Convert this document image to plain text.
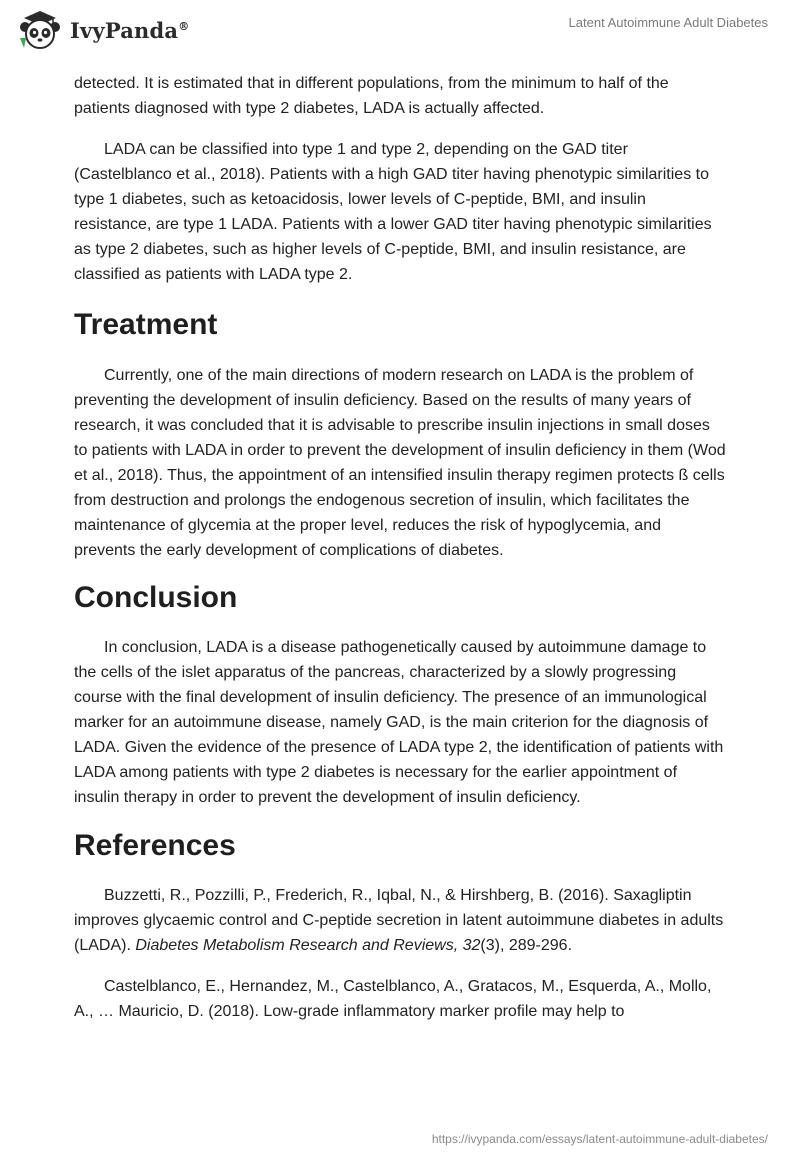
IvyPanda®	Latent Autoimmune Adult Diabetes

detected. It is estimated that in different populations, from the minimum to half of the patients diagnosed with type 2 diabetes, LADA is actually affected.

LADA can be classified into type 1 and type 2, depending on the GAD titer (Castelblanco et al., 2018). Patients with a high GAD titer having phenotypic similarities to type 1 diabetes, such as ketoacidosis, lower levels of C-peptide, BMI, and insulin resistance, are type 1 LADA. Patients with a lower GAD titer having phenotypic similarities as type 2 diabetes, such as higher levels of C-peptide, BMI, and insulin resistance, are classified as patients with LADA type 2.

Treatment

Currently, one of the main directions of modern research on LADA is the problem of preventing the development of insulin deficiency. Based on the results of many years of research, it was concluded that it is advisable to prescribe insulin injections in small doses to patients with LADA in order to prevent the development of insulin deficiency in them (Wod et al., 2018). Thus, the appointment of an intensified insulin therapy regimen protects ß cells from destruction and prolongs the endogenous secretion of insulin, which facilitates the maintenance of glycemia at the proper level, reduces the risk of hypoglycemia, and prevents the early development of complications of diabetes.

Conclusion

In conclusion, LADA is a disease pathogenetically caused by autoimmune damage to the cells of the islet apparatus of the pancreas, characterized by a slowly progressing course with the final development of insulin deficiency. The presence of an immunological marker for an autoimmune disease, namely GAD, is the main criterion for the diagnosis of LADA. Given the evidence of the presence of LADA type 2, the identification of patients with LADA among patients with type 2 diabetes is necessary for the earlier appointment of insulin therapy in order to prevent the development of insulin deficiency.

References

Buzzetti, R., Pozzilli, P., Frederich, R., Iqbal, N., & Hirshberg, B. (2016). Saxagliptin improves glycaemic control and C-peptide secretion in latent autoimmune diabetes in adults (LADA). Diabetes Metabolism Research and Reviews, 32(3), 289-296.

Castelblanco, E., Hernandez, M., Castelblanco, A., Gratacos, M., Esquerda, A., Mollo, A., … Mauricio, D. (2018). Low-grade inflammatory marker profile may help to

https://ivypanda.com/essays/latent-autoimmune-adult-diabetes/
